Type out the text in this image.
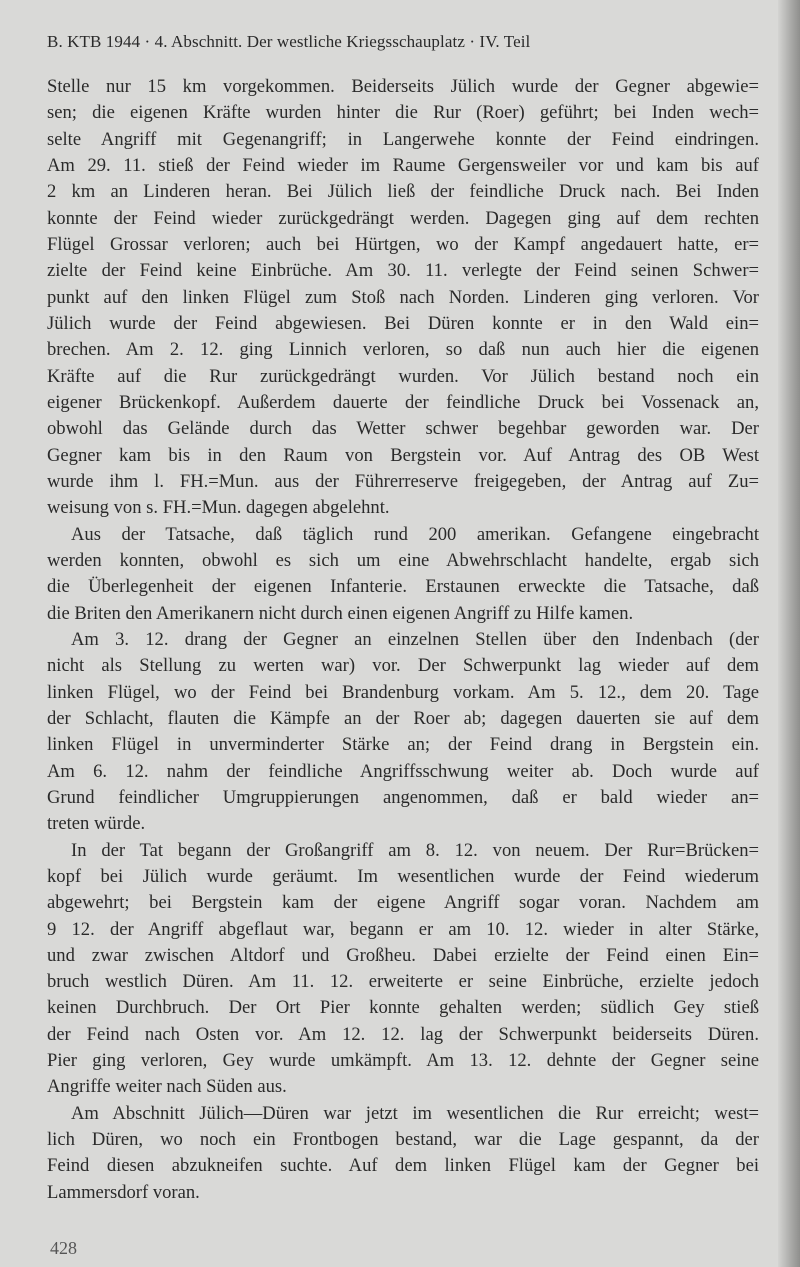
B. KTB 1944 · 4. Abschnitt. Der westliche Kriegsschauplatz · IV. Teil
Stelle nur 15 km vorgekommen. Beiderseits Jülich wurde der Gegner abgewie=
sen; die eigenen Kräfte wurden hinter die Rur (Roer) geführt; bei Inden wech=
selte Angriff mit Gegenangriff; in Langerwehe konnte der Feind eindringen.
Am 29. 11. stieß der Feind wieder im Raume Gergensweiler vor und kam bis auf
2 km an Linderen heran. Bei Jülich ließ der feindliche Druck nach. Bei Inden
konnte der Feind wieder zurückgedrängt werden. Dagegen ging auf dem rechten
Flügel Grossar verloren; auch bei Hürtgen, wo der Kampf angedauert hatte, er=
zielte der Feind keine Einbrüche. Am 30. 11. verlegte der Feind seinen Schwer=
punkt auf den linken Flügel zum Stoß nach Norden. Linderen ging verloren. Vor
Jülich wurde der Feind abgewiesen. Bei Düren konnte er in den Wald ein=
brechen. Am 2. 12. ging Linnich verloren, so daß nun auch hier die eigenen
Kräfte auf die Rur zurückgedrängt wurden. Vor Jülich bestand noch ein
eigener Brückenkopf. Außerdem dauerte der feindliche Druck bei Vossenack an,
obwohl das Gelände durch das Wetter schwer begehbar geworden war. Der
Gegner kam bis in den Raum von Bergstein vor. Auf Antrag des OB West
wurde ihm l. FH.=Mun. aus der Führerreserve freigegeben, der Antrag auf Zu=
weisung von s. FH.=Mun. dagegen abgelehnt.
Aus der Tatsache, daß täglich rund 200 amerikan. Gefangene eingebracht
werden konnten, obwohl es sich um eine Abwehrschlacht handelte, ergab sich
die Überlegenheit der eigenen Infanterie. Erstaunen erweckte die Tatsache, daß
die Briten den Amerikanern nicht durch einen eigenen Angriff zu Hilfe kamen.
Am 3. 12. drang der Gegner an einzelnen Stellen über den Indenbach (der
nicht als Stellung zu werten war) vor. Der Schwerpunkt lag wieder auf dem
linken Flügel, wo der Feind bei Brandenburg vorkam. Am 5. 12., dem 20. Tage
der Schlacht, flauten die Kämpfe an der Roer ab; dagegen dauerten sie auf dem
linken Flügel in unverminderter Stärke an; der Feind drang in Bergstein ein.
Am 6. 12. nahm der feindliche Angriffsschwung weiter ab. Doch wurde auf
Grund feindlicher Umgruppierungen angenommen, daß er bald wieder an=
treten würde.
In der Tat begann der Großangriff am 8. 12. von neuem. Der Rur=Brücken=
kopf bei Jülich wurde geräumt. Im wesentlichen wurde der Feind wiederum
abgewehrt; bei Bergstein kam der eigene Angriff sogar voran. Nachdem am
9 12. der Angriff abgeflaut war, begann er am 10. 12. wieder in alter Stärke,
und zwar zwischen Altdorf und Großheu. Dabei erzielte der Feind einen Ein=
bruch westlich Düren. Am 11. 12. erweiterte er seine Einbrüche, erzielte jedoch
keinen Durchbruch. Der Ort Pier konnte gehalten werden; südlich Gey stieß
der Feind nach Osten vor. Am 12. 12. lag der Schwerpunkt beiderseits Düren.
Pier ging verloren, Gey wurde umkämpft. Am 13. 12. dehnte der Gegner seine
Angriffe weiter nach Süden aus.
Am Abschnitt Jülich—Düren war jetzt im wesentlichen die Rur erreicht; west=
lich Düren, wo noch ein Frontbogen bestand, war die Lage gespannt, da der
Feind diesen abzukneifen suchte. Auf dem linken Flügel kam der Gegner bei
Lammersdorf voran.
428
